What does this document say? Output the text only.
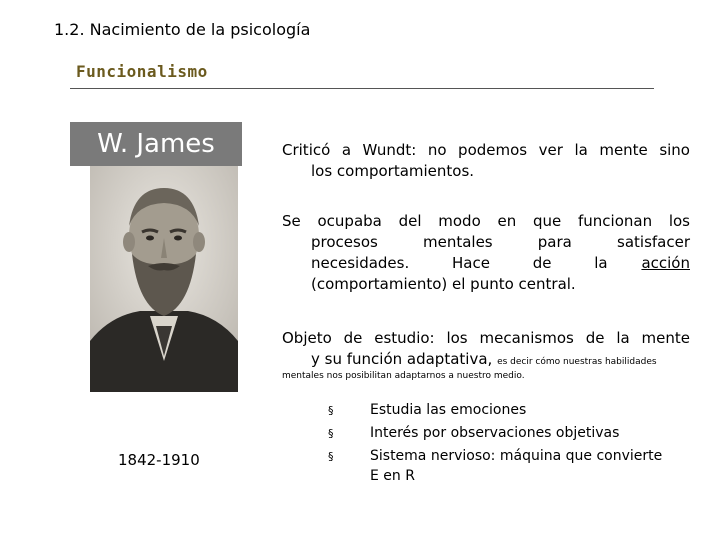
1.2. Nacimiento de la psicología
Funcionalismo
W. James
1842-1910
Criticó a Wundt: no podemos ver la mente sino
los comportamientos.
Se ocupaba del modo en que funcionan los
procesos mentales para satisfacer
necesidades. Hace de la acción
(comportamiento) el punto central.
Objeto de estudio: los mecanismos de la mente
y su función adaptativa, es decir cómo nuestras habilidades
mentales nos posibilitan adaptarnos a nuestro medio.
§
§
§
Estudia las emociones
Interés por observaciones objetivas
Sistema nervioso: máquina que convierte
E en R
